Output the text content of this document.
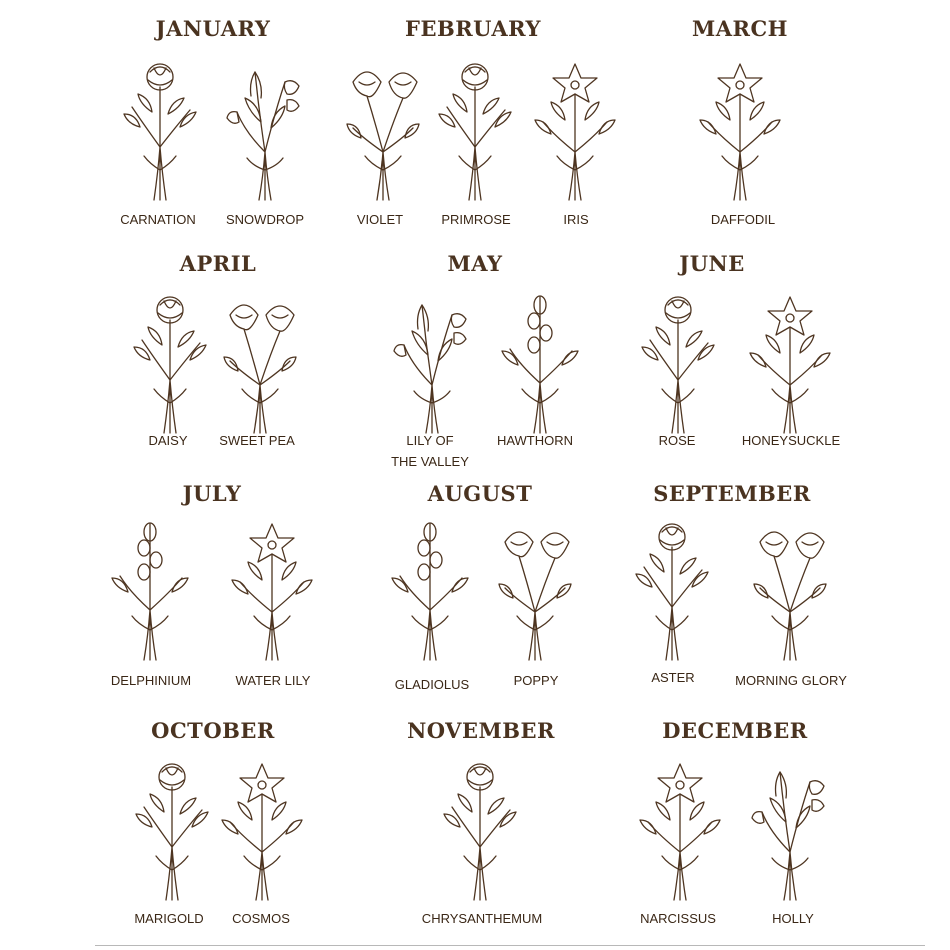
JANUARY	FEBRUARY	MARCH
CARNATION SNOWDROP	VIOLET	PRIMROSE	IRIS	DAFFODIL
APRIL	MAY	JUNE
DAISY SWEET PEA	LILY OF
THE VALLEY
HAWTHORN	ROSE	HONEYSUCKLE
JULY	AUGUST	SEPTEMBER
DELPHINIUM	WATER LILY	GLADIOLUS	POPPY	ASTER	MORNING GLORY
OCTOBER	NOVEMBER	DECEMBER
MARIGOLD COSMOS	CHRYSANTHEMUM	NARCISSUS	HOLLY
